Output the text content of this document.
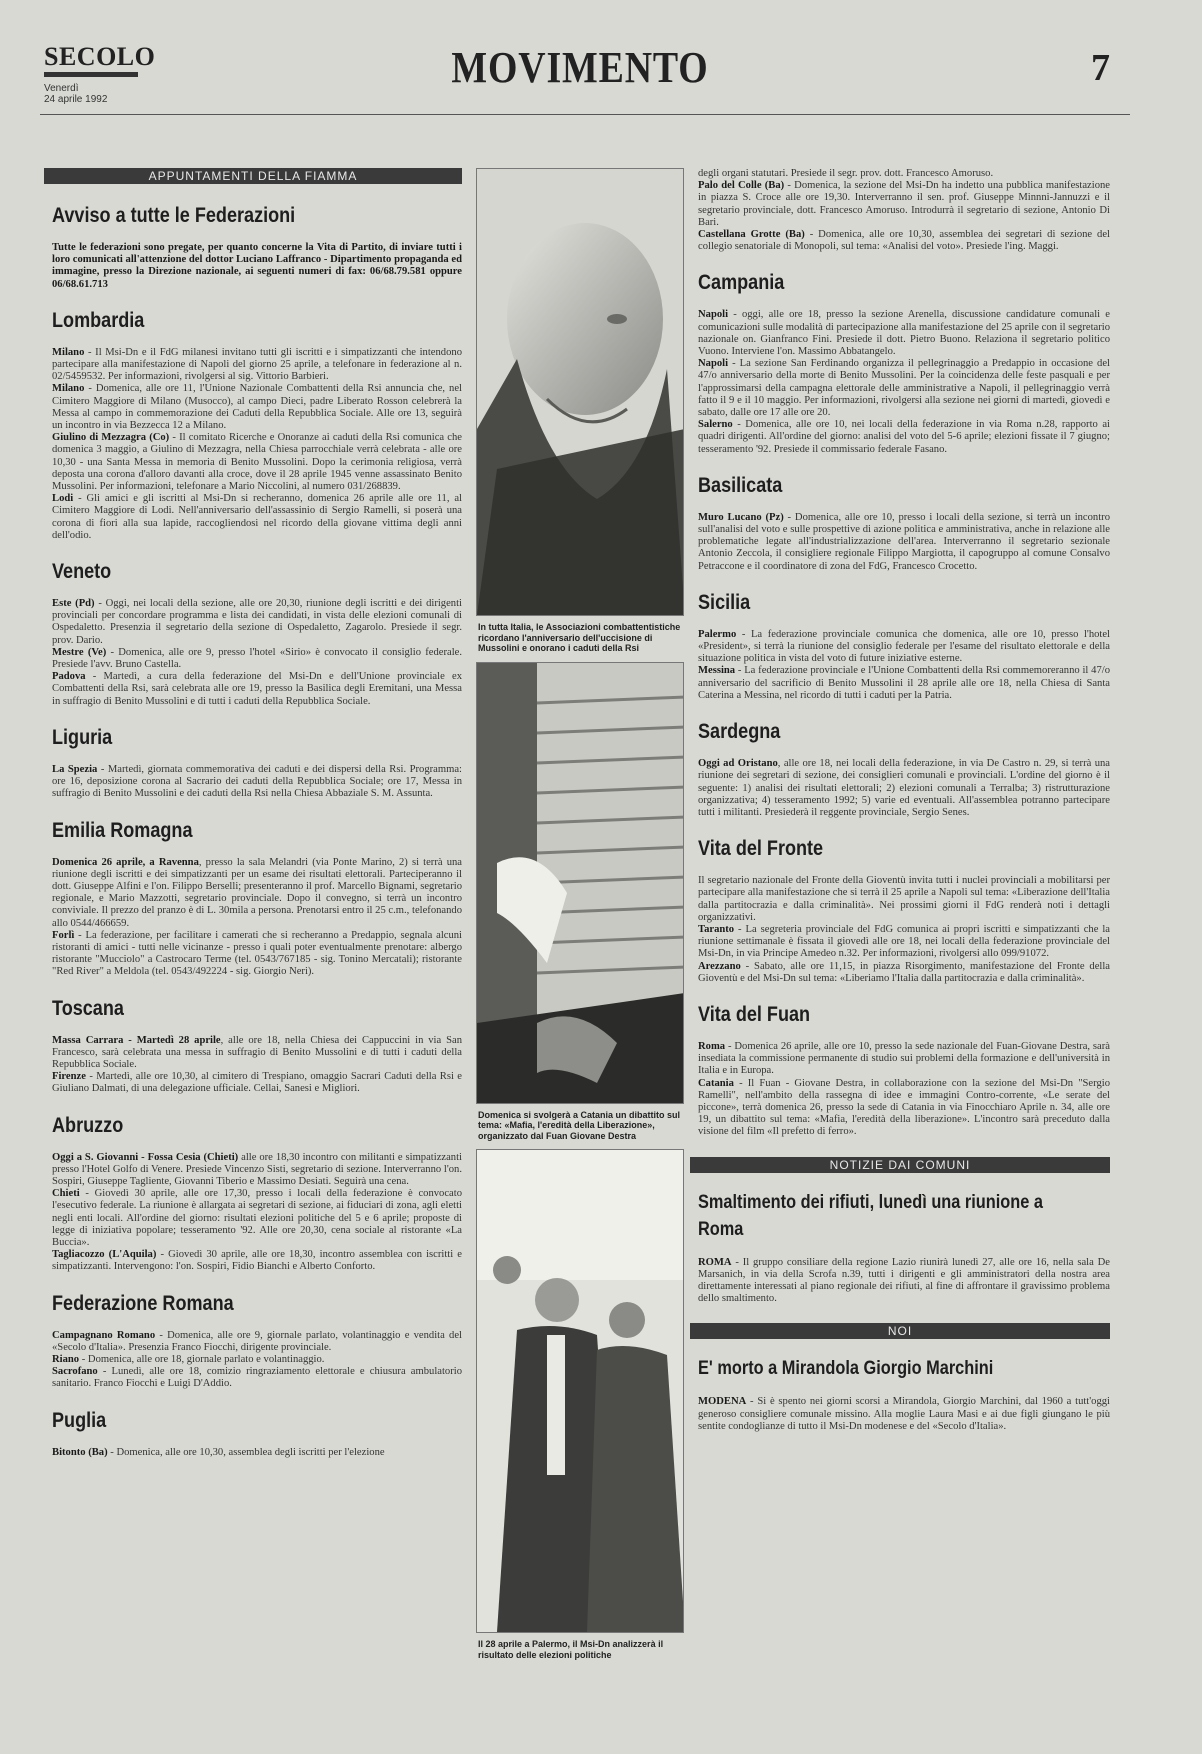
SECOLO
Venerdì
24 aprile 1992
MOVIMENTO	7
APPUNTAMENTI DELLA FIAMMA
Avviso a tutte le Federazioni
Tutte le federazioni sono pregate, per quanto concerne la Vita di Partito, di inviare tutti i loro comunicati all'attenzione del dottor Luciano Laffranco - Dipartimento propaganda ed immagine, presso la Direzione nazionale, ai seguenti numeri di fax: 06/68.79.581 oppure 06/68.61.713
Lombardia

Milano - Il Msi-Dn e il FdG milanesi invitano tutti gli iscritti e i simpatizzanti che intendono partecipare alla manifestazione di Napoli del giorno 25 aprile, a telefonare in federazione al n. 02/5459532. Per informazioni, rivolgersi al sig. Vittorio Barbieri.

Milano - Domenica, alle ore 11, l'Unione Nazionale Combattenti della Rsi annuncia che, nel Cimitero Maggiore di Milano (Musocco), al campo Dieci, padre Liberato Rosson celebrerà la Messa al campo in commemorazione dei Caduti della Repubblica Sociale. Alle ore 13, seguirà un incontro in via Bezzecca 12 a Milano.

Giulino di Mezzagra (Co) - Il comitato Ricerche e Onoranze ai caduti della Rsi comunica che domenica 3 maggio, a Giulino di Mezzagra, nella Chiesa parrocchiale verrà celebrata - alle ore 10,30 - una Santa Messa in memoria di Benito Mussolini. Dopo la cerimonia religiosa, verrà deposta una corona d'alloro davanti alla croce, dove il 28 aprile 1945 venne assassinato Benito Mussolini. Per informazioni, telefonare a Mario Niccolini, al numero 031/268839.

Lodi - Gli amici e gli iscritti al Msi-Dn si recheranno, domenica 26 aprile alle ore 11, al Cimitero Maggiore di Lodi. Nell'anniversario dell'assassinio di Sergio Ramelli, si poserà una corona di fiori alla sua lapide, raccogliendosi nel ricordo della giovane vittima degli anni dell'odio.

Veneto

Este (Pd) - Oggi, nei locali della sezione, alle ore 20,30, riunione degli iscritti e dei dirigenti provinciali per concordare programma e lista dei candidati, in vista delle elezioni comunali di Ospedaletto. Presenzia il segretario della sezione di Ospedaletto, Zagarolo. Presiede il segr. prov. Dario.

Mestre (Ve) - Domenica, alle ore 9, presso l'hotel «Sirio» è convocato il consiglio federale. Presiede l'avv. Bruno Castella.

Padova - Martedì, a cura della federazione del Msi-Dn e dell'Unione provinciale ex Combattenti della Rsi, sarà celebrata alle ore 19, presso la Basilica degli Eremitani, una Messa in suffragio di Benito Mussolini e di tutti i caduti della Repubblica Sociale.

Liguria

La Spezia - Martedì, giornata commemorativa dei caduti e dei dispersi della Rsi. Programma: ore 16, deposizione corona al Sacrario dei caduti della Repubblica Sociale; ore 17, Messa in suffragio di Benito Mussolini e dei caduti della Rsi nella Chiesa Abbaziale S. M. Assunta.

Emilia Romagna

Domenica 26 aprile, a Ravenna, presso la sala Melandri (via Ponte Marino, 2) si terrà una riunione degli iscritti e dei simpatizzanti per un esame dei risultati elettorali. Parteciperanno il dott. Giuseppe Alfini e l'on. Filippo Berselli; presenteranno il prof. Marcello Bignami, segretario regionale, e Mario Mazzotti, segretario provinciale. Dopo il convegno, si terrà un incontro conviviale. Il prezzo del pranzo è di L. 30mila a persona. Prenotarsi entro il 25 c.m., telefonando allo 0544/466659.

Forlì - La federazione, per facilitare i camerati che si recheranno a Predappio, segnala alcuni ristoranti di amici - tutti nelle vicinanze - presso i quali poter eventualmente prenotare: albergo ristorante "Mucciolo" a Castrocaro Terme (tel. 0543/767185 - sig. Tonino Mercatali); ristorante "Red River" a Meldola (tel. 0543/492224 - sig. Giorgio Neri).

Toscana

Massa Carrara - Martedì 28 aprile, alle ore 18, nella Chiesa dei Cappuccini in via San Francesco, sarà celebrata una messa in suffragio di Benito Mussolini e di tutti i caduti della Repubblica Sociale.

Firenze - Martedì, alle ore 10,30, al cimitero di Trespiano, omaggio Sacrari Caduti della Rsi e Giuliano Dalmati, di una delegazione ufficiale. Cellai, Sanesi e Migliori.

Abruzzo

Oggi a S. Giovanni - Fossa Cesia (Chieti) alle ore 18,30 incontro con militanti e simpatizzanti presso l'Hotel Golfo di Venere. Presiede Vincenzo Sisti, segretario di sezione. Interverranno l'on. Sospiri, Giuseppe Tagliente, Giovanni Tiberio e Massimo Desiati. Seguirà una cena.

Chieti - Giovedì 30 aprile, alle ore 17,30, presso i locali della federazione è convocato l'esecutivo federale. La riunione è allargata ai segretari di sezione, ai fiduciari di zona, agli eletti negli enti locali. All'ordine del giorno: risultati elezioni politiche del 5 e 6 aprile; proposte di legge di iniziativa popolare; tesseramento '92. Alle ore 20,30, cena sociale al ristorante «La Buccia».

Tagliacozzo (L'Aquila) - Giovedì 30 aprile, alle ore 18,30, incontro assemblea con iscritti e simpatizzanti. Intervengono: l'on. Sospiri, Fidio Bianchi e Alberto Conforto.

Federazione Romana

Campagnano Romano - Domenica, alle ore 9, giornale parlato, volantinaggio e vendita del «Secolo d'Italia». Presenzia Franco Fiocchi, dirigente provinciale.

Riano - Domenica, alle ore 18, giornale parlato e volantinaggio.

Sacrofano - Lunedì, alle ore 18, comizio ringraziamento elettorale e chiusura ambulatorio sanitario. Franco Fiocchi e Luigi D'Addio.

Puglia

Bitonto (Ba) - Domenica, alle ore 10,30, assemblea degli iscritti per l'elezione

In tutta Italia, le Associazioni combattentistiche ricordano l'anniversario dell'uccisione di Mussolini e onorano i caduti della Rsi
Domenica si svolgerà a Catania un dibattito sul tema: «Mafia, l'eredità della Liberazione», organizzato dal Fuan Giovane Destra
Il 28 aprile a Palermo, il Msi-Dn analizzerà il risultato delle elezioni politiche

degli organi statutari. Presiede il segr. prov. dott. Francesco Amoruso.

Palo del Colle (Ba) - Domenica, la sezione del Msi-Dn ha indetto una pubblica manifestazione in piazza S. Croce alle ore 19,30. Interverranno il sen. prof. Giuseppe Minnni-Jannuzzi e il segretario provinciale, dott. Francesco Amoruso. Introdurrà il segretario di sezione, Antonio Di Bari.

Castellana Grotte (Ba) - Domenica, alle ore 10,30, assemblea dei segretari di sezione del collegio senatoriale di Monopoli, sul tema: «Analisi del voto». Presiede l'ing. Maggi.

Campania

Napoli - oggi, alle ore 18, presso la sezione Arenella, discussione candidature comunali e comunicazioni sulle modalità di partecipazione alla manifestazione del 25 aprile con il segretario nazionale on. Gianfranco Fini. Presiede il dott. Pietro Buono. Relaziona il segretario politico Vuono. Interviene l'on. Massimo Abbatangelo.

Napoli - La sezione San Ferdinando organizza il pellegrinaggio a Predappio in occasione del 47/o anniversario della morte di Benito Mussolini. Per la coincidenza delle feste pasquali e per l'approssimarsi della campagna elettorale delle amministrative a Napoli, il pellegrinaggio verrà fatto il 9 e il 10 maggio. Per informazioni, rivolgersi alla sezione nei giorni di martedì, giovedì e sabato, dalle ore 17 alle ore 20.

Salerno - Domenica, alle ore 10, nei locali della federazione in via Roma n.28, rapporto ai quadri dirigenti. All'ordine del giorno: analisi del voto del 5-6 aprile; elezioni fissate il 7 giugno; tesseramento '92. Presiede il commissario federale Fasano.

Basilicata

Muro Lucano (Pz) - Domenica, alle ore 10, presso i locali della sezione, si terrà un incontro sull'analisi del voto e sulle prospettive di azione politica e amministrativa, anche in relazione alle problematiche legate all'industrializzazione dell'area. Interverranno il segretario sezionale Antonio Zeccola, il consigliere regionale Filippo Margiotta, il capogruppo al comune Consalvo Petraccone e il coordinatore di zona del FdG, Francesco Crocetto.

Sicilia

Palermo - La federazione provinciale comunica che domenica, alle ore 10, presso l'hotel «President», si terrà la riunione del consiglio federale per l'esame del risultato elettorale e della situazione politica in vista del voto di future iniziative esterne.

Messina - La federazione provinciale e l'Unione Combattenti della Rsi commemoreranno il 47/o anniversario del sacrificio di Benito Mussolini il 28 aprile alle ore 18, nella Chiesa di Santa Caterina a Messina, nel ricordo di tutti i caduti per la Patria.

Sardegna

Oggi ad Oristano, alle ore 18, nei locali della federazione, in via De Castro n. 29, si terrà una riunione dei segretari di sezione, dei consiglieri comunali e provinciali. L'ordine del giorno è il seguente: 1) analisi dei risultati elettorali; 2) elezioni comunali a Terralba; 3) ristrutturazione organizzativa; 4) tesseramento 1992; 5) varie ed eventuali. All'assemblea potranno partecipare tutti i militanti. Presiederà il reggente provinciale, Sergio Senes.

Vita del Fronte

Il segretario nazionale del Fronte della Gioventù invita tutti i nuclei provinciali a mobilitarsi per partecipare alla manifestazione che si terrà il 25 aprile a Napoli sul tema: «Liberazione dell'Italia dalla partitocrazia e dalla criminalità». Nei prossimi giorni il FdG renderà noti i dettagli organizzativi.

Taranto - La segreteria provinciale del FdG comunica ai propri iscritti e simpatizzanti che la riunione settimanale è fissata il giovedì alle ore 18, nei locali della federazione provinciale del Msi-Dn, in via Principe Amedeo n.32. Per informazioni, rivolgersi allo 099/91072.

Arezzano - Sabato, alle ore 11,15, in piazza Risorgimento, manifestazione del Fronte della Gioventù e del Msi-Dn sul tema: «Liberiamo l'Italia dalla partitocrazia e dalla criminalità».

Vita del Fuan

Roma - Domenica 26 aprile, alle ore 10, presso la sede nazionale del Fuan-Giovane Destra, sarà insediata la commissione permanente di studio sui problemi della formazione e dell'università in Italia e in Europa.

Catania - Il Fuan - Giovane Destra, in collaborazione con la sezione del Msi-Dn "Sergio Ramelli", nell'ambito della rassegna di idee e immagini Contro-corrente, «Le serate del piccone», terrà domenica 26, presso la sede di Catania in via Finocchiaro Aprile n. 34, alle ore 19, un dibattito sul tema: «Mafia, l'eredità della liberazione». L'incontro sarà preceduto dalla visione del film «Il prefetto di ferro».

NOTIZIE DAI COMUNI
Smaltimento dei rifiuti, lunedì una riunione a Roma

ROMA - Il gruppo consiliare della regione Lazio riunirà lunedì 27, alle ore 16, nella sala De Marsanich, in via della Scrofa n.39, tutti i dirigenti e gli amministratori della nostra area direttamente interessati al piano regionale dei rifiuti, al fine di affrontare il gravissimo problema dello smaltimento.

NOI
E' morto a Mirandola Giorgio Marchini

MODENA - Si è spento nei giorni scorsi a Mirandola, Giorgio Marchini, dal 1960 a tutt'oggi generoso consigliere comunale missino. Alla moglie Laura Masi e ai due figli giungano le più sentite condoglianze di tutto il Msi-Dn modenese e del «Secolo d'Italia».
